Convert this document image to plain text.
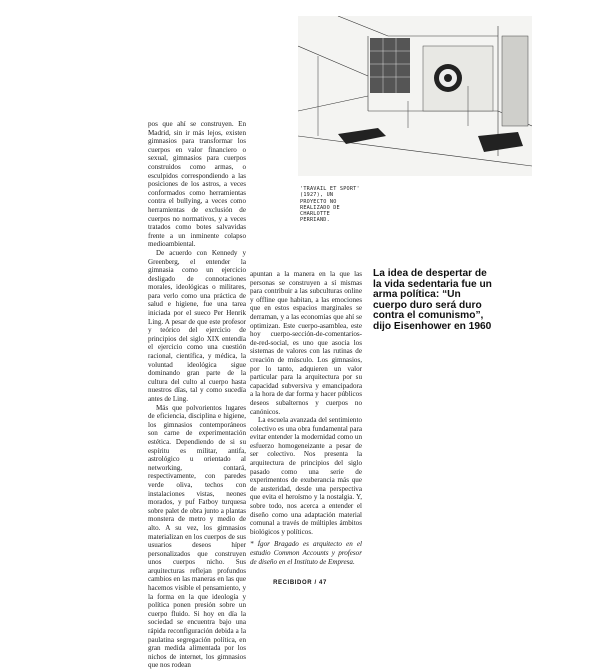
'TRAVAIL ET SPORT' (1927), UN PROYECTO NO REALIZADO DE CHARLOTTE PERRIAND.

pos que ahí se construyen. En Madrid, sin ir más lejos, existen gimnasios para transformar los cuerpos en valor financiero o sexual, gimnasios para cuerpos construidos como armas, o esculpidos correspondiendo a las posiciones de los astros, a veces conformados como herramientas contra el bullying, a veces como herramientas de exclusión de cuerpos no normativos, y a veces tratados como botes salvavidas frente a un inminente colapso medioambiental.

De acuerdo con Kennedy y Greenberg, el entender la gimnasia como un ejercicio desligado de connotaciones morales, ideológicas o militares, para verlo como una práctica de salud e higiene, fue una tarea iniciada por el sueco Per Henrik Ling. A pesar de que este profesor y teórico del ejercicio de principios del siglo XIX entendía el ejercicio como una cuestión racional, científica, y médica, la voluntad ideológica sigue dominando gran parte de la cultura del culto al cuerpo hasta nuestros días, tal y como sucedía antes de Ling.

Más que polvorientos lugares de eficiencia, disciplina e higiene, los gimnasios contemporáneos son carne de experimentación estética. Dependiendo de si su espíritu es militar, antifa, astrológico u orientado al networking, contará, respectivamente, con paredes verde oliva, techos con instalaciones vistas, neones morados, y puf Fatboy turquesa sobre palet de obra junto a plantas monstera de metro y medio de alto. A su vez, los gimnasios materializan en los cuerpos de sus usuarios deseos híper personalizados que construyen unos cuerpos nicho. Sus arquitecturas reflejan profundos cambios en las maneras en las que hacemos visible el pensamiento, y la forma en la que ideología y política ponen presión sobre un cuerpo fluido. Si hoy en día la sociedad se encuentra bajo una rápida reconfiguración debida a la paulatina segregación política, en gran medida alimentada por los nichos de internet, los gimnasios que nos rodean

apuntan a la manera en la que las personas se construyen a sí mismas para contribuir a las subculturas online y offline que habitan, a las emociones que en estos espacios marginales se derraman, y a las economías que ahí se optimizan. Este cuerpo-asamblea, este hoy cuerpo-sección-de-comentarios-de-red-social, es uno que asocia los sistemas de valores con las rutinas de creación de músculo. Los gimnasios, por lo tanto, adquieren un valor particular para la arquitectura por su capacidad subversiva y emancipadora a la hora de dar forma y hacer públicos deseos subalternos y cuerpos no canónicos.

La escuela avanzada del sentimiento colectivo es una obra fundamental para evitar entender la modernidad como un esfuerzo homogeneizante a pesar de ser colectivo. Nos presenta la arquitectura de principios del siglo pasado como una serie de experimentos de exuberancia más que de austeridad, desde una perspectiva que evita el heroísmo y la nostalgia. Y, sobre todo, nos acerca a entender el diseño como una adaptación material comunal a través de múltiples ámbitos biológicos y políticos.

* Ígor Bragado es arquitecto en el estudio Common Accounts y profesor de diseño en el Instituto de Empresa.

La idea de despertar de la vida sedentaria fue un arma política: “Un cuerpo duro será duro contra el comunismo”, dijo Eisenhower en 1960
RECIBIDOR / 47
